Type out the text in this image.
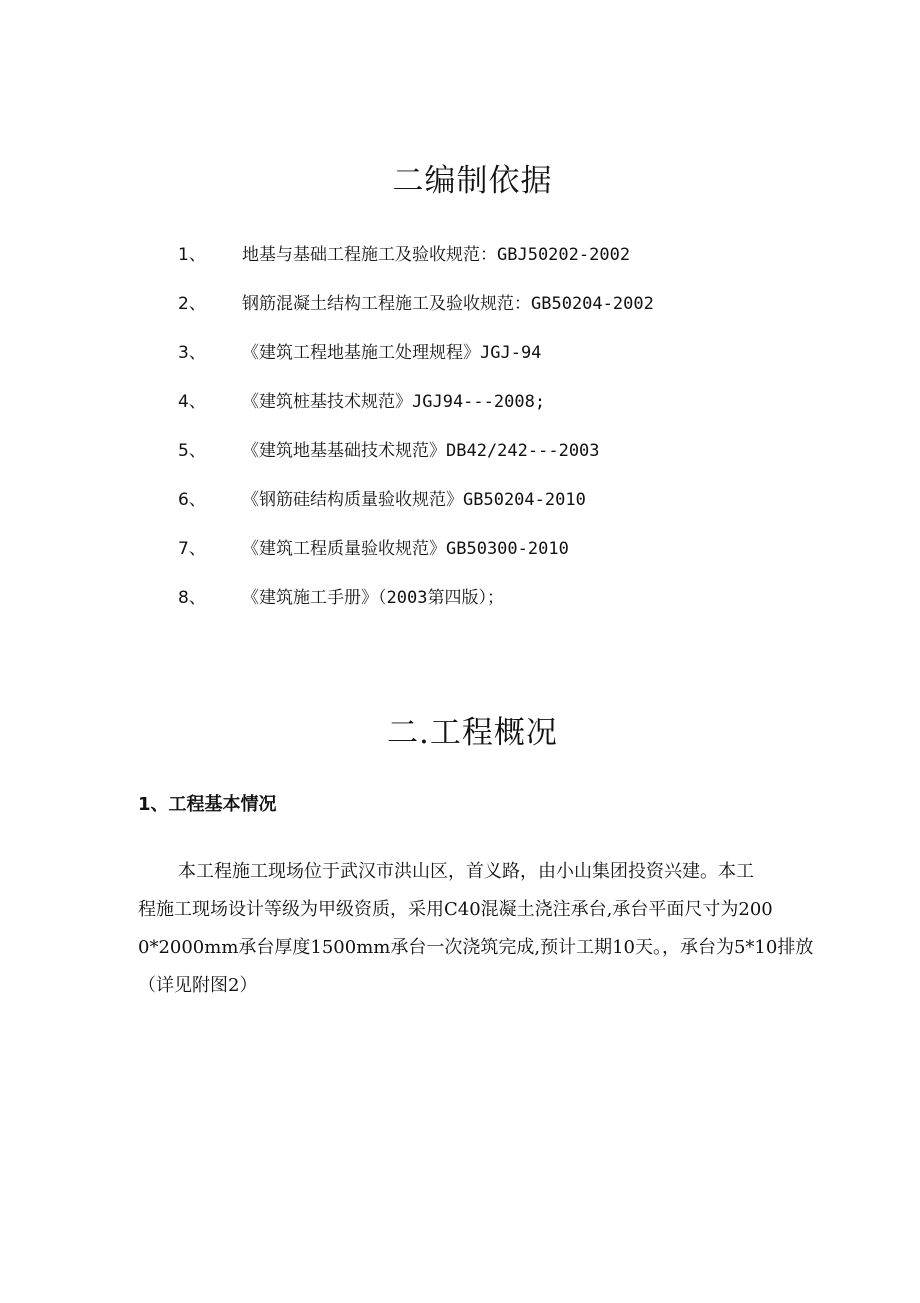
二编制依据
1、 地基与基础工程施工及验收规范：GBJ50202-2002
2、 钢筋混凝土结构工程施工及验收规范：GB50204-2002
3、 《建筑工程地基施工处理规程》JGJ-94
4、 《建筑桩基技术规范》JGJ94---2008;
5、 《建筑地基基础技术规范》DB42/242---2003
6、 《钢筋硅结构质量验收规范》GB50204-2010
7、 《建筑工程质量验收规范》GB50300-2010
8、 《建筑施工手册》（2003第四版）；
二.工程概况
1、工程基本情况

本工程施工现场位于武汉市洪山区，首义路，由小山集团投资兴建。本工
程施工现场设计等级为甲级资质，采用C40混凝土浇注承台,承台平面尺寸为200
0*2000mm承台厚度1500mm承台一次浇筑完成,预计工期10天。，承台为5*10排放
（详见附图2）
